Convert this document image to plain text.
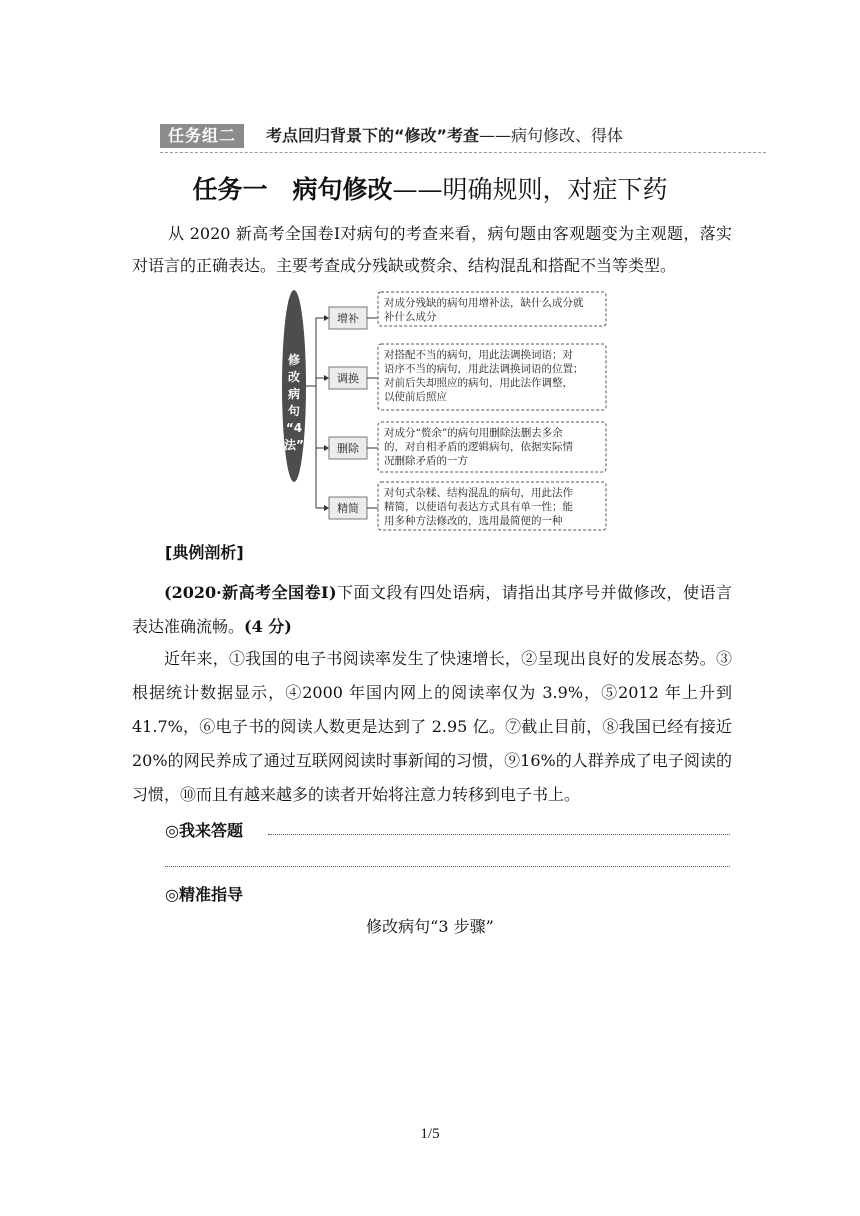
任务组二	考点回归背景下的“修改”考查——病句修改、得体
任务一　病句修改——明确规则，对症下药
从 2020 新高考全国卷Ⅰ对病句的考查来看，病句题由客观题变为主观题，落实对语言的正确表达。主要考查成分残缺或赘余、结构混乱和搭配不当等类型。
修
改
病
句
“4
法”
增补
对成分残缺的病句用增补法，缺什么成分就
补什么成分
调换
对搭配不当的病句，用此法调换词语；对
语序不当的病句，用此法调换词语的位置；
对前后失却照应的病句，用此法作调整，
以使前后照应
删除
对成分“赘余”的病句用删除法删去多余
的，对自相矛盾的逻辑病句，依据实际情
况删除矛盾的一方
精简
对句式杂糅、结构混乱的病句，用此法作
精简，以使语句表达方式具有单一性；能
用多种方法修改的，选用最简便的一种
[典例剖析]
(2020·新高考全国卷Ⅰ)下面文段有四处语病，请指出其序号并做修改，使语言表达准确流畅。(4 分)

近年来，①我国的电子书阅读率发生了快速增长，②呈现出良好的发展态势。③根据统计数据显示，④2000 年国内网上的阅读率仅为 3.9%，⑤2012 年上升到 41.7%，⑥电子书的阅读人数更是达到了 2.95 亿。⑦截止目前，⑧我国已经有接近 20%的网民养成了通过互联网阅读时事新闻的习惯，⑨16%的人群养成了电子阅读的习惯，⑩而且有越来越多的读者开始将注意力转移到电子书上。

◎我来答题
◎精准指导
修改病句“3 步骤”
1/5
